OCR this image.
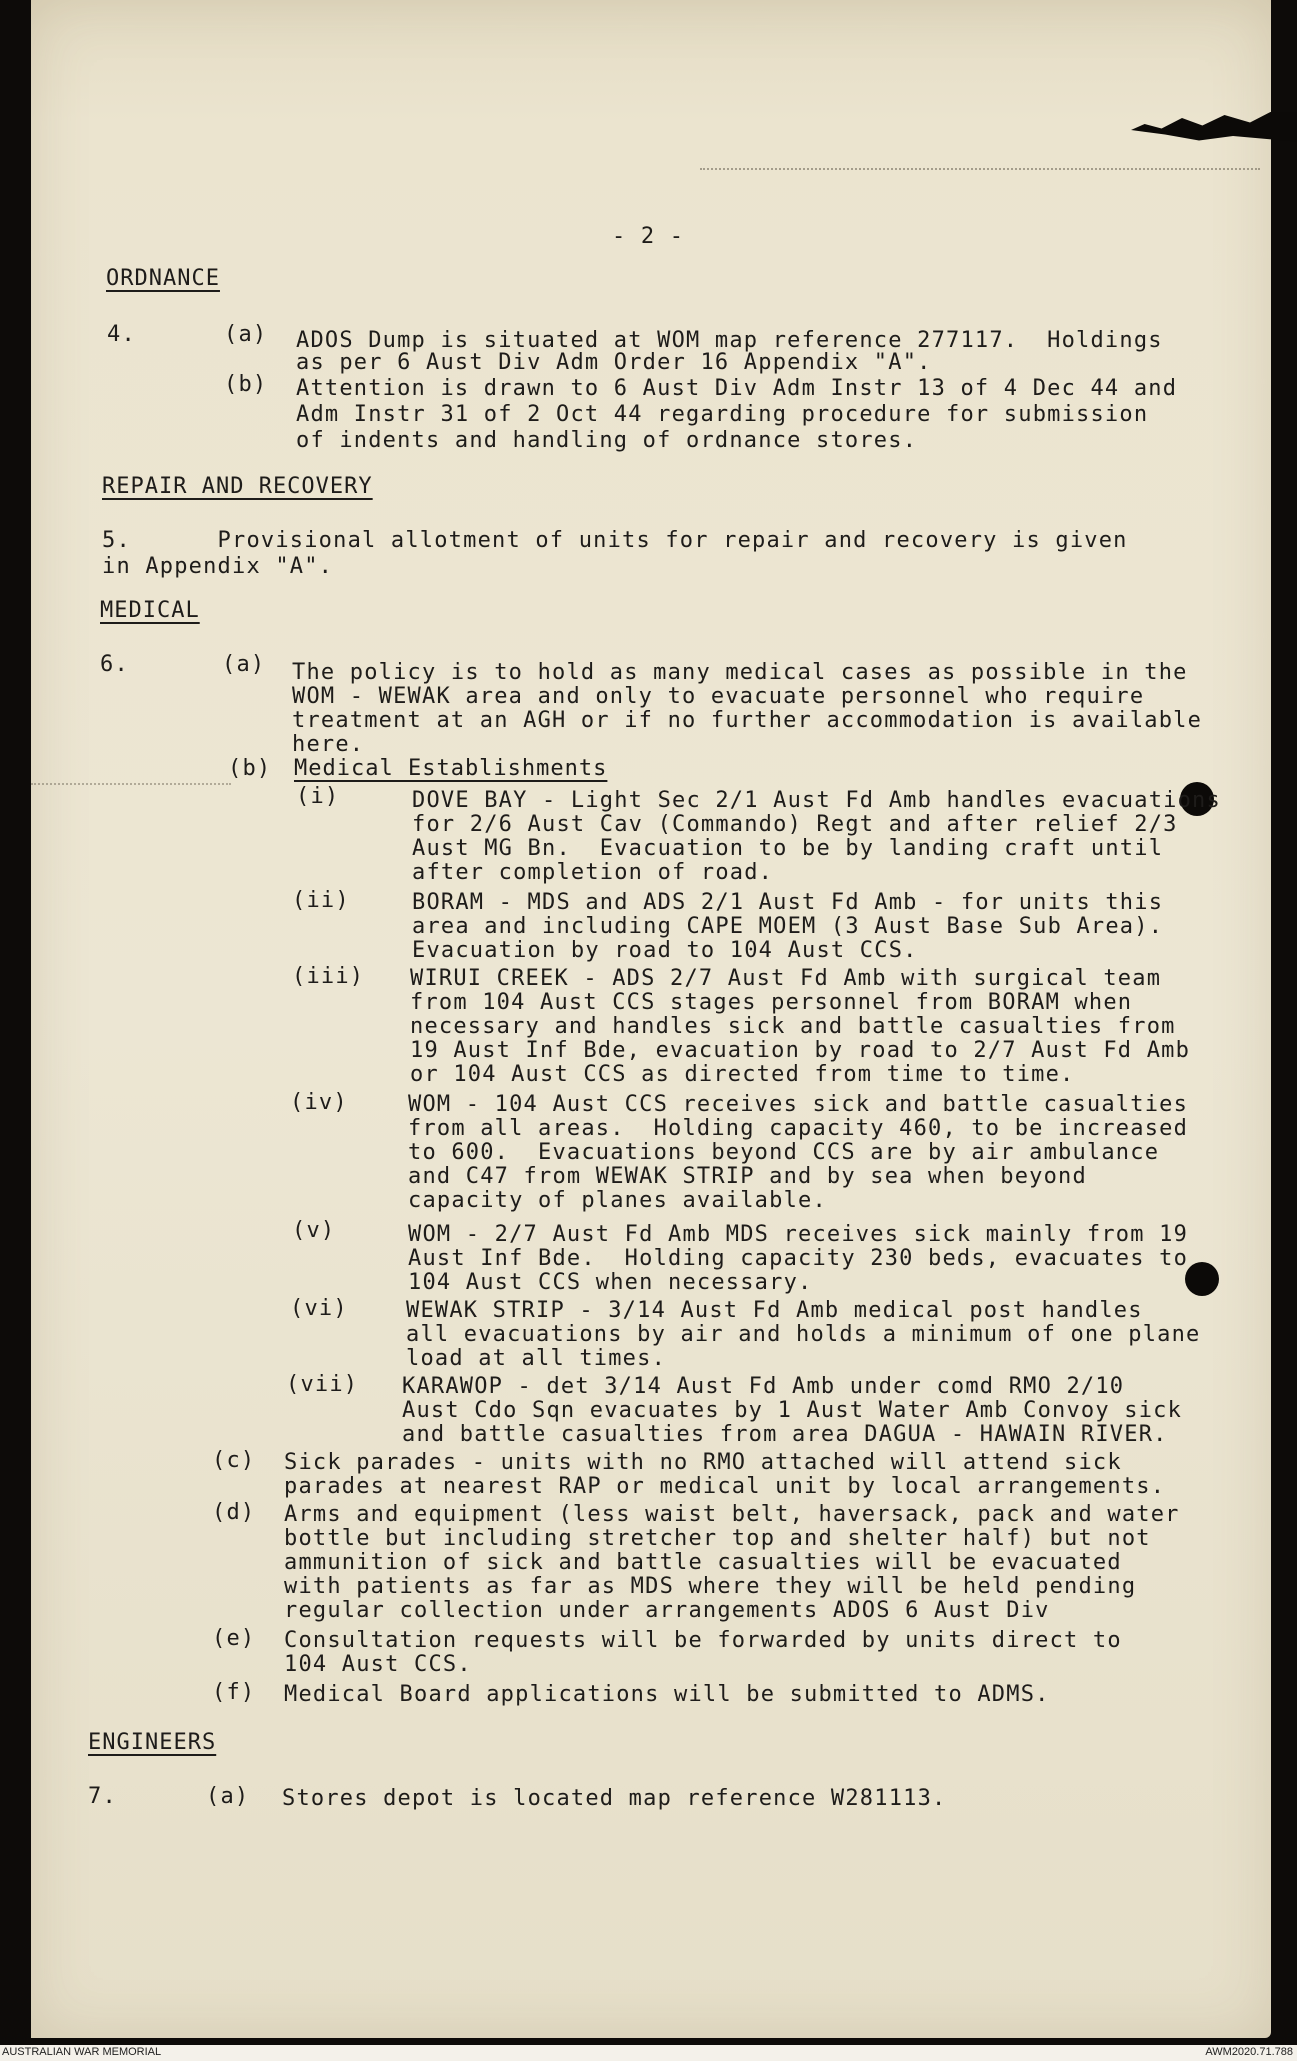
- 2 -
ORDNANCE
4.	(a) ADOS Dump is situated at WOM map reference 277117.  Holdings
as per 6 Aust Div Adm Order 16 Appendix "A".
(b) Attention is drawn to 6 Aust Div Adm Instr 13 of 4 Dec 44 and
Adm Instr 31 of 2 Oct 44 regarding procedure for submission
of indents and handling of ordnance stores.
REPAIR AND RECOVERY
5.      Provisional allotment of units for repair and recovery is given
in Appendix "A".
MEDICAL
6.	(a) The policy is to hold as many medical cases as possible in the
WOM - WEWAK area and only to evacuate personnel who require
treatment at an AGH or if no further accommodation is available
here.
(b) Medical Establishments
(i)	DOVE BAY - Light Sec 2/1 Aust Fd Amb handles evacuations
for 2/6 Aust Cav (Commando) Regt and after relief 2/3
Aust MG Bn.  Evacuation to be by landing craft until
after completion of road.
(ii)	BORAM - MDS and ADS 2/1 Aust Fd Amb - for units this
area and including CAPE MOEM (3 Aust Base Sub Area).
Evacuation by road to 104 Aust CCS.
(iii) WIRUI CREEK - ADS 2/7 Aust Fd Amb with surgical team
from 104 Aust CCS stages personnel from BORAM when
necessary and handles sick and battle casualties from
19 Aust Inf Bde, evacuation by road to 2/7 Aust Fd Amb
or 104 Aust CCS as directed from time to time.
(iv)	WOM - 104 Aust CCS receives sick and battle casualties
from all areas.  Holding capacity 460, to be increased
to 600.  Evacuations beyond CCS are by air ambulance
and C47 from WEWAK STRIP and by sea when beyond
capacity of planes available.
(v)	WOM - 2/7 Aust Fd Amb MDS receives sick mainly from 19
Aust Inf Bde.  Holding capacity 230 beds, evacuates to
104 Aust CCS when necessary.
(vi)	WEWAK STRIP - 3/14 Aust Fd Amb medical post handles
all evacuations by air and holds a minimum of one plane
load at all times.
(vii) KARAWOP - det 3/14 Aust Fd Amb under comd RMO 2/10
Aust Cdo Sqn evacuates by 1 Aust Water Amb Convoy sick
and battle casualties from area DAGUA - HAWAIN RIVER.
(c) Sick parades - units with no RMO attached will attend sick
parades at nearest RAP or medical unit by local arrangements.
(d) Arms and equipment (less waist belt, haversack, pack and water
bottle but including stretcher top and shelter half) but not
ammunition of sick and battle casualties will be evacuated
with patients as far as MDS where they will be held pending
regular collection under arrangements ADOS 6 Aust Div
(e) Consultation requests will be forwarded by units direct to
104 Aust CCS.
(f) Medical Board applications will be submitted to ADMS.
ENGINEERS
7.	(a) Stores depot is located map reference W281113.
AUSTRALIAN WAR MEMORIAL	AWM2020.71.788
